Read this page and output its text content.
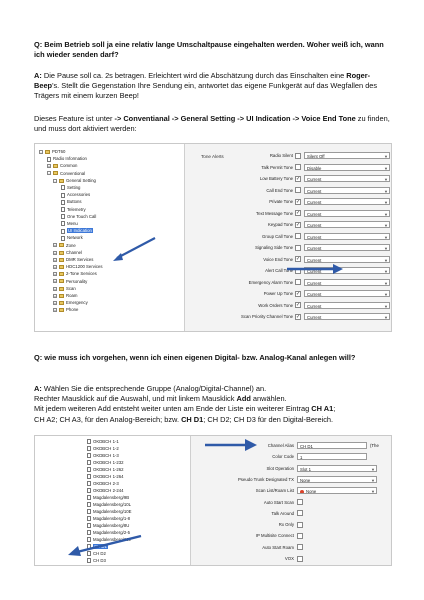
Q: Beim Betrieb soll ja eine relativ lange Umschaltpause eingehalten werden. Woher weiß ich, wann ich wieder senden darf?
A: Die Pause soll ca. 2s betragen. Erleichtert wird die Abschätzung durch das Einschalten eine Roger-Beep's. Stellt die Gegenstation Ihre Sendung ein, antwortet das eigene Funkgerät auf das Wegfallen des Trägers mit einem kurzen Beep!
Dieses Feature ist unter -> Conventianal -> General Setting -> UI Indication -> Voice End Tone zu finden, und muss dort aktiviert werden:
- PDT60
Radio Information
+ Common
- Conventional
- General Setting
Setting
Accessories
Buttons
Telemetry
One Touch Call
Menu
UI Indication
Network
+ Zone
+ Channel
+ DMR Services
+ HDC1200 Services
+ 2-Tone Services
+ Personality
+ Scan
+ Roam
+ Emergency
+ Phone
Tone Alerts	Radio Silent	Silent Off	▼
Talk Permit Tone	Disable	▼
Low Battery Tone ✓	Current	▼
Call End Tone	Current	▼
Private Tone ✓	Current	▼
Text Message Tone ✓	Current	▼
Keypad Tone ✓	Current	▼
Group Call Tone	Current	▼
Signaling Side Tone	Current	▼
Voice End Tone ✓	Current	▼
Alert Call Tone	Current	▼
Emergency Alarm Tone	Current	▼
Power Up Tone ✓	Current	▼
Work Orders Tone ✓	Current	▼
Scan Priority Channel Tone ✓	Current	▼
Q: wie muss ich vorgehen, wenn ich einen eigenen Digital- bzw. Analog-Kanal anlegen will?
A: Wählen Sie die entsprechende Gruppe (Analog/Digital-Channel) an.
Rechter Mausklick auf die Auswahl, und mit linkem Mausklick Add anwählen.
Mit jedem weiteren Add entsteht weiter unten am Ende der Liste ein weiterer Eintrag CH A1;
CH A2; CH A3, für den Analog-Bereich; bzw. CH D1; CH D2; CH D3 für den Digital-Bereich.
OKDBCH 1-1
OKDBCH 1-2
OKDBCH 1-3
OKDBCH 1-232
OKDBCH 1-262
OKDBCH 1-264
OKDBCH 2-3
OKDBCH 2-244
Magdalensberg/9B
Magdalensberg/10L
Magdalensberg/10E
Magdalensberg/1-8
Magdalensberg/8U
Magdalensberg/2-5
Magdalensberg/20J
CH D1
CH D2
CH D3
Channel Alias	CH D1	(The
Color Code	1
Slot Operation	Slot 1	▼
Pseudo Trunk Designated TX	None	▼
Scan List/Roam List	None	▼
Auto Start Scan
Talk Around
Rx Only
IP Multisite Connect
Auto Start Roam
VOX
